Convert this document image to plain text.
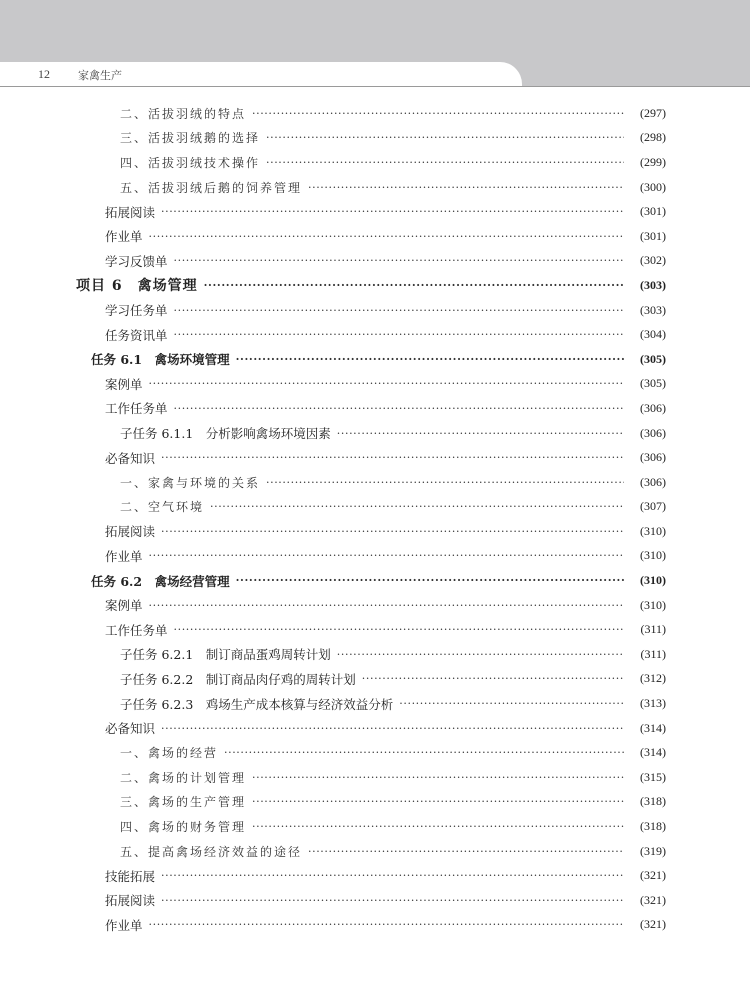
12	家禽生产
二、活拔羽绒的特点 ·····	(297)
三、活拔羽绒鹅的选择 ·····	(298)
四、活拔羽绒技术操作 ·····	(299)
五、活拔羽绒后鹅的饲养管理 ·····	(300)
拓展阅读 ·····	(301)
作业单 ·····	(301)
学习反馈单 ·····	(302)
项目 6　禽场管理 ·····	(303)
学习任务单 ·····	(303)
任务资讯单 ·····	(304)
任务 6.1　禽场环境管理 ·····	(305)
案例单 ·····	(305)
工作任务单 ·····	(306)
子任务 6.1.1　分析影响禽场环境因素 ·····	(306)
必备知识 ·····	(306)
一、家禽与环境的关系 ·····	(306)
二、空气环境 ·····	(307)
拓展阅读 ·····	(310)
作业单 ·····	(310)
任务 6.2　禽场经营管理 ·····	(310)
案例单 ·····	(310)
工作任务单 ·····	(311)
子任务 6.2.1　制订商品蛋鸡周转计划 ·····	(311)
子任务 6.2.2　制订商品肉仔鸡的周转计划 ·····	(312)
子任务 6.2.3　鸡场生产成本核算与经济效益分析 ·····	(313)
必备知识 ·····	(314)
一、禽场的经营 ·····	(314)
二、禽场的计划管理 ·····	(315)
三、禽场的生产管理 ·····	(318)
四、禽场的财务管理 ·····	(318)
五、提高禽场经济效益的途径 ·····	(319)
技能拓展 ·····	(321)
拓展阅读 ·····	(321)
作业单 ·····	(321)
